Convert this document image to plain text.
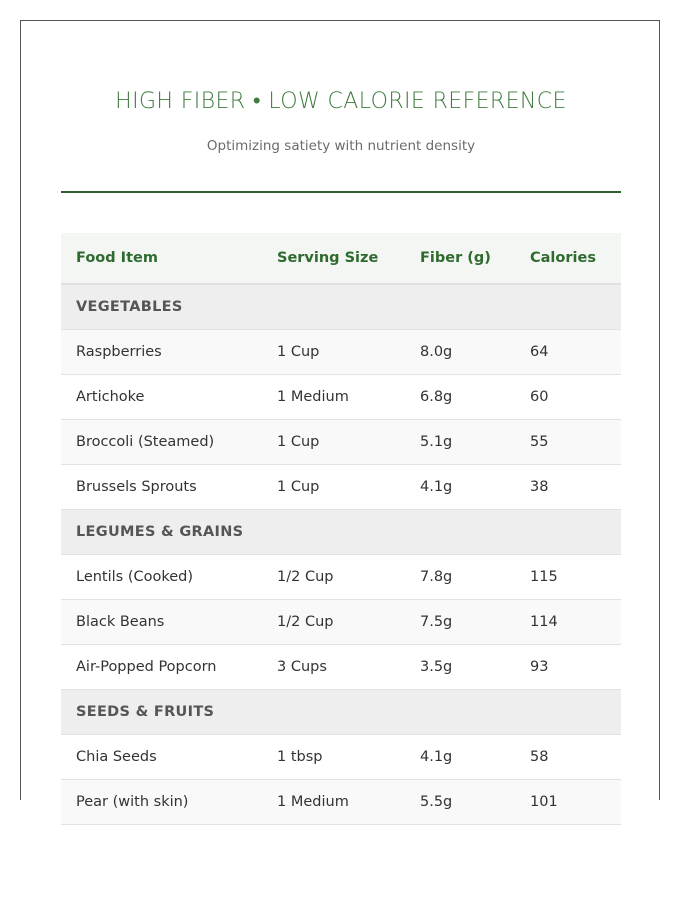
HIGH FIBER • LOW CALORIE REFERENCE
Optimizing satiety with nutrient density
Food Item	Serving Size	Fiber (g)	Calories
VEGETABLES
Raspberries	1 Cup	8.0g	64
Artichoke	1 Medium	6.8g	60
Broccoli (Steamed)	1 Cup	5.1g	55
Brussels Sprouts	1 Cup	4.1g	38
LEGUMES & GRAINS
Lentils (Cooked)	1/2 Cup	7.8g	115
Black Beans	1/2 Cup	7.5g	114
Air-Popped Popcorn	3 Cups	3.5g	93
SEEDS & FRUITS
Chia Seeds	1 tbsp	4.1g	58
Pear (with skin)	1 Medium	5.5g	101
